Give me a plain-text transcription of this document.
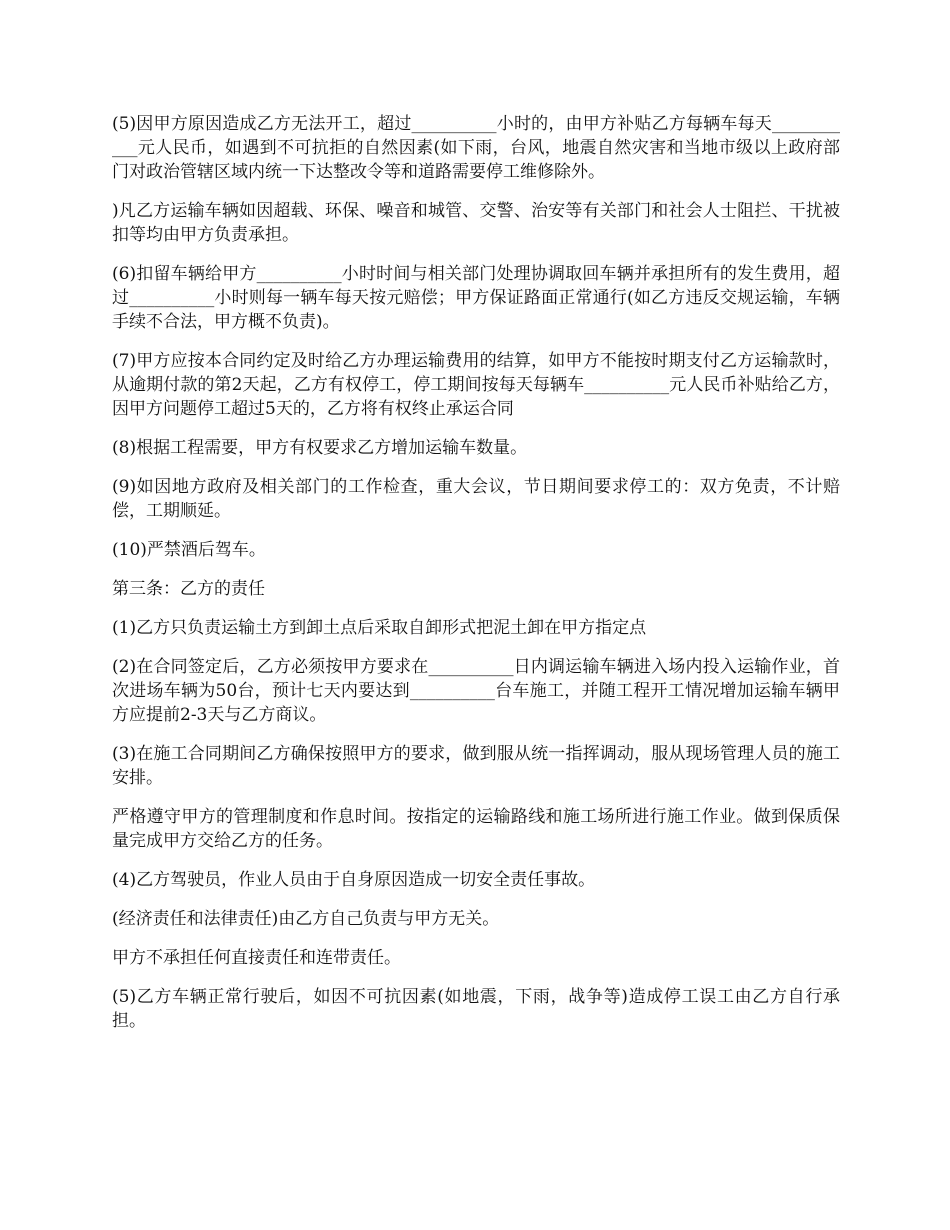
(5)因甲方原因造成乙方无法开工，超过__________小时的，由甲方补贴乙方每辆车每天___________元人民币，如遇到不可抗拒的自然因素(如下雨，台风，地震自然灾害和当地市级以上政府部门对政治管辖区域内统一下达整改令等和道路需要停工维修除外。

)凡乙方运输车辆如因超载、环保、噪音和城管、交警、治安等有关部门和社会人士阻拦、干扰被扣等均由甲方负责承担。

(6)扣留车辆给甲方__________小时时间与相关部门处理协调取回车辆并承担所有的发生费用，超过__________小时则每一辆车每天按元赔偿；甲方保证路面正常通行(如乙方违反交规运输，车辆手续不合法，甲方概不负责)。

(7)甲方应按本合同约定及时给乙方办理运输费用的结算，如甲方不能按时期支付乙方运输款时，从逾期付款的第2天起，乙方有权停工，停工期间按每天每辆车__________元人民币补贴给乙方，因甲方问题停工超过5天的，乙方将有权终止承运合同

(8)根据工程需要，甲方有权要求乙方增加运输车数量。

(9)如因地方政府及相关部门的工作检查，重大会议，节日期间要求停工的：双方免责，不计赔偿，工期顺延。

(10)严禁酒后驾车。

第三条：乙方的责任

(1)乙方只负责运输土方到卸土点后采取自卸形式把泥土卸在甲方指定点

(2)在合同签定后，乙方必须按甲方要求在__________日内调运输车辆进入场内投入运输作业，首次进场车辆为50台，预计七天内要达到__________台车施工，并随工程开工情况增加运输车辆甲方应提前2-3天与乙方商议。

(3)在施工合同期间乙方确保按照甲方的要求，做到服从统一指挥调动，服从现场管理人员的施工安排。

严格遵守甲方的管理制度和作息时间。按指定的运输路线和施工场所进行施工作业。做到保质保量完成甲方交给乙方的任务。

(4)乙方驾驶员，作业人员由于自身原因造成一切安全责任事故。

(经济责任和法律责任)由乙方自己负责与甲方无关。

甲方不承担任何直接责任和连带责任。

(5)乙方车辆正常行驶后，如因不可抗因素(如地震，下雨，战争等)造成停工误工由乙方自行承担。
